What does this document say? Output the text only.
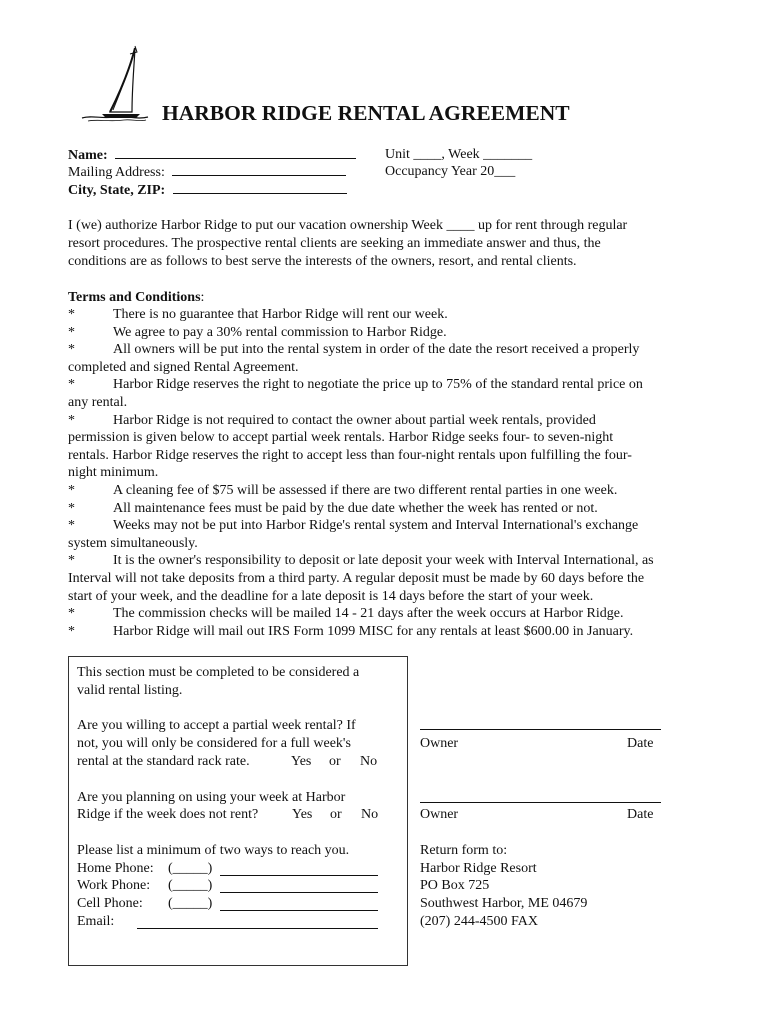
HARBOR RIDGE RENTAL AGREEMENT
Name:
Mailing Address:
City, State, ZIP:
Unit ____, Week _______
Occupancy Year 20___
I (we) authorize Harbor Ridge to put our vacation ownership Week ____ up for rent through regular
resort procedures. The prospective rental clients are seeking an immediate answer and thus, the
conditions are as follows to best serve the interests of the owners, resort, and rental clients.
Terms and Conditions:
*	There is no guarantee that Harbor Ridge will rent our week.
*	We agree to pay a 30% rental commission to Harbor Ridge.
*	All owners will be put into the rental system in order of the date the resort received a properly
completed and signed Rental Agreement.
*	Harbor Ridge reserves the right to negotiate the price up to 75% of the standard rental price on
any rental.
*	Harbor Ridge is not required to contact the owner about partial week rentals, provided
permission is given below to accept partial week rentals. Harbor Ridge seeks four- to seven-night
rentals. Harbor Ridge reserves the right to accept less than four-night rentals upon fulfilling the four-
night minimum.
*	A cleaning fee of $75 will be assessed if there are two different rental parties in one week.
*	All maintenance fees must be paid by the due date whether the week has rented or not.
*	Weeks may not be put into Harbor Ridge's rental system and Interval International's exchange
system simultaneously.
*	It is the owner's responsibility to deposit or late deposit your week with Interval International, as
Interval will not take deposits from a third party. A regular deposit must be made by 60 days before the
start of your week, and the deadline for a late deposit is 14 days before the start of your week.
*	The commission checks will be mailed 14 - 21 days after the week occurs at Harbor Ridge.
*	Harbor Ridge will mail out IRS Form 1099 MISC for any rentals at least $600.00 in January.
This section must be completed to be considered a
valid rental listing.
Are you willing to accept a partial week rental? If
not, you will only be considered for a full week's
rental at the standard rack rate.	Yes or No
Are you planning on using your week at Harbor
Ridge if the week does not rent? Yes or No
Please list a minimum of two ways to reach you.
Home Phone: (_____)
Work Phone: (_____)
Cell Phone: (_____)
Email:
Owner	Date
Owner	Date
Return form to:
Harbor Ridge Resort
PO Box 725
Southwest Harbor, ME 04679
(207) 244-4500 FAX
